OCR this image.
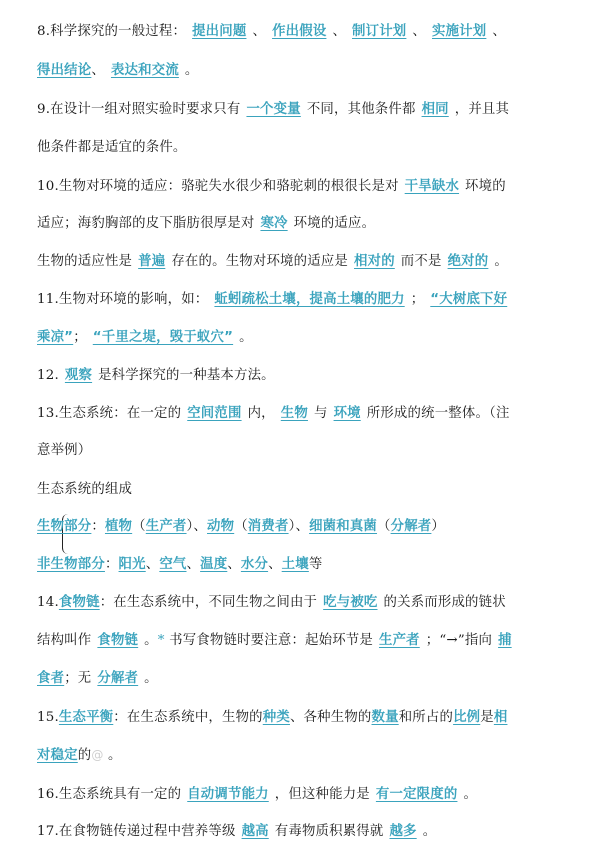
8.科学探究的一般过程： 提出问题 、 作出假设 、 制订计划 、 实施计划 、
得出结论、 表达和交流 。
9.在设计一组对照实验时要求只有 一个变量 不同，其他条件都 相同 ，并且其
他条件都是适宜的条件。
10.生物对环境的适应：骆驼失水很少和骆驼刺的根很长是对 干旱缺水 环境的
适应；海豹胸部的皮下脂肪很厚是对 寒冷 环境的适应。
生物的适应性是 普遍 存在的。生物对环境的适应是 相对的 而不是 绝对的 。
11.生物对环境的影响，如： 蚯蚓疏松土壤，提高土壤的肥力 ； “大树底下好
乘凉”； “千里之堤，毁于蚁穴” 。
12. 观察 是科学探究的一种基本方法。
13.生态系统：在一定的 空间范围 内， 生物 与 环境 所形成的统一整体。（注
意举例）
生态系统的组成
生物部分：植物（生产者）、动物（消费者）、细菌和真菌（分解者）
非生物部分：阳光、空气、温度、水分、土壤等
14.食物链：在生态系统中，不同生物之间由于 吃与被吃 的关系而形成的链状
结构叫作 食物链 。* 书写食物链时要注意：起始环节是 生产者 ；“→”指向 捕
食者；无 分解者 。
15.生态平衡：在生态系统中，生物的种类、各种生物的数量和所占的比例是相
对稳定的@ 。
16.生态系统具有一定的 自动调节能力 ，但这种能力是 有一定限度的 。
17.在食物链传递过程中营养等级 越高 有毒物质积累得就 越多 。
